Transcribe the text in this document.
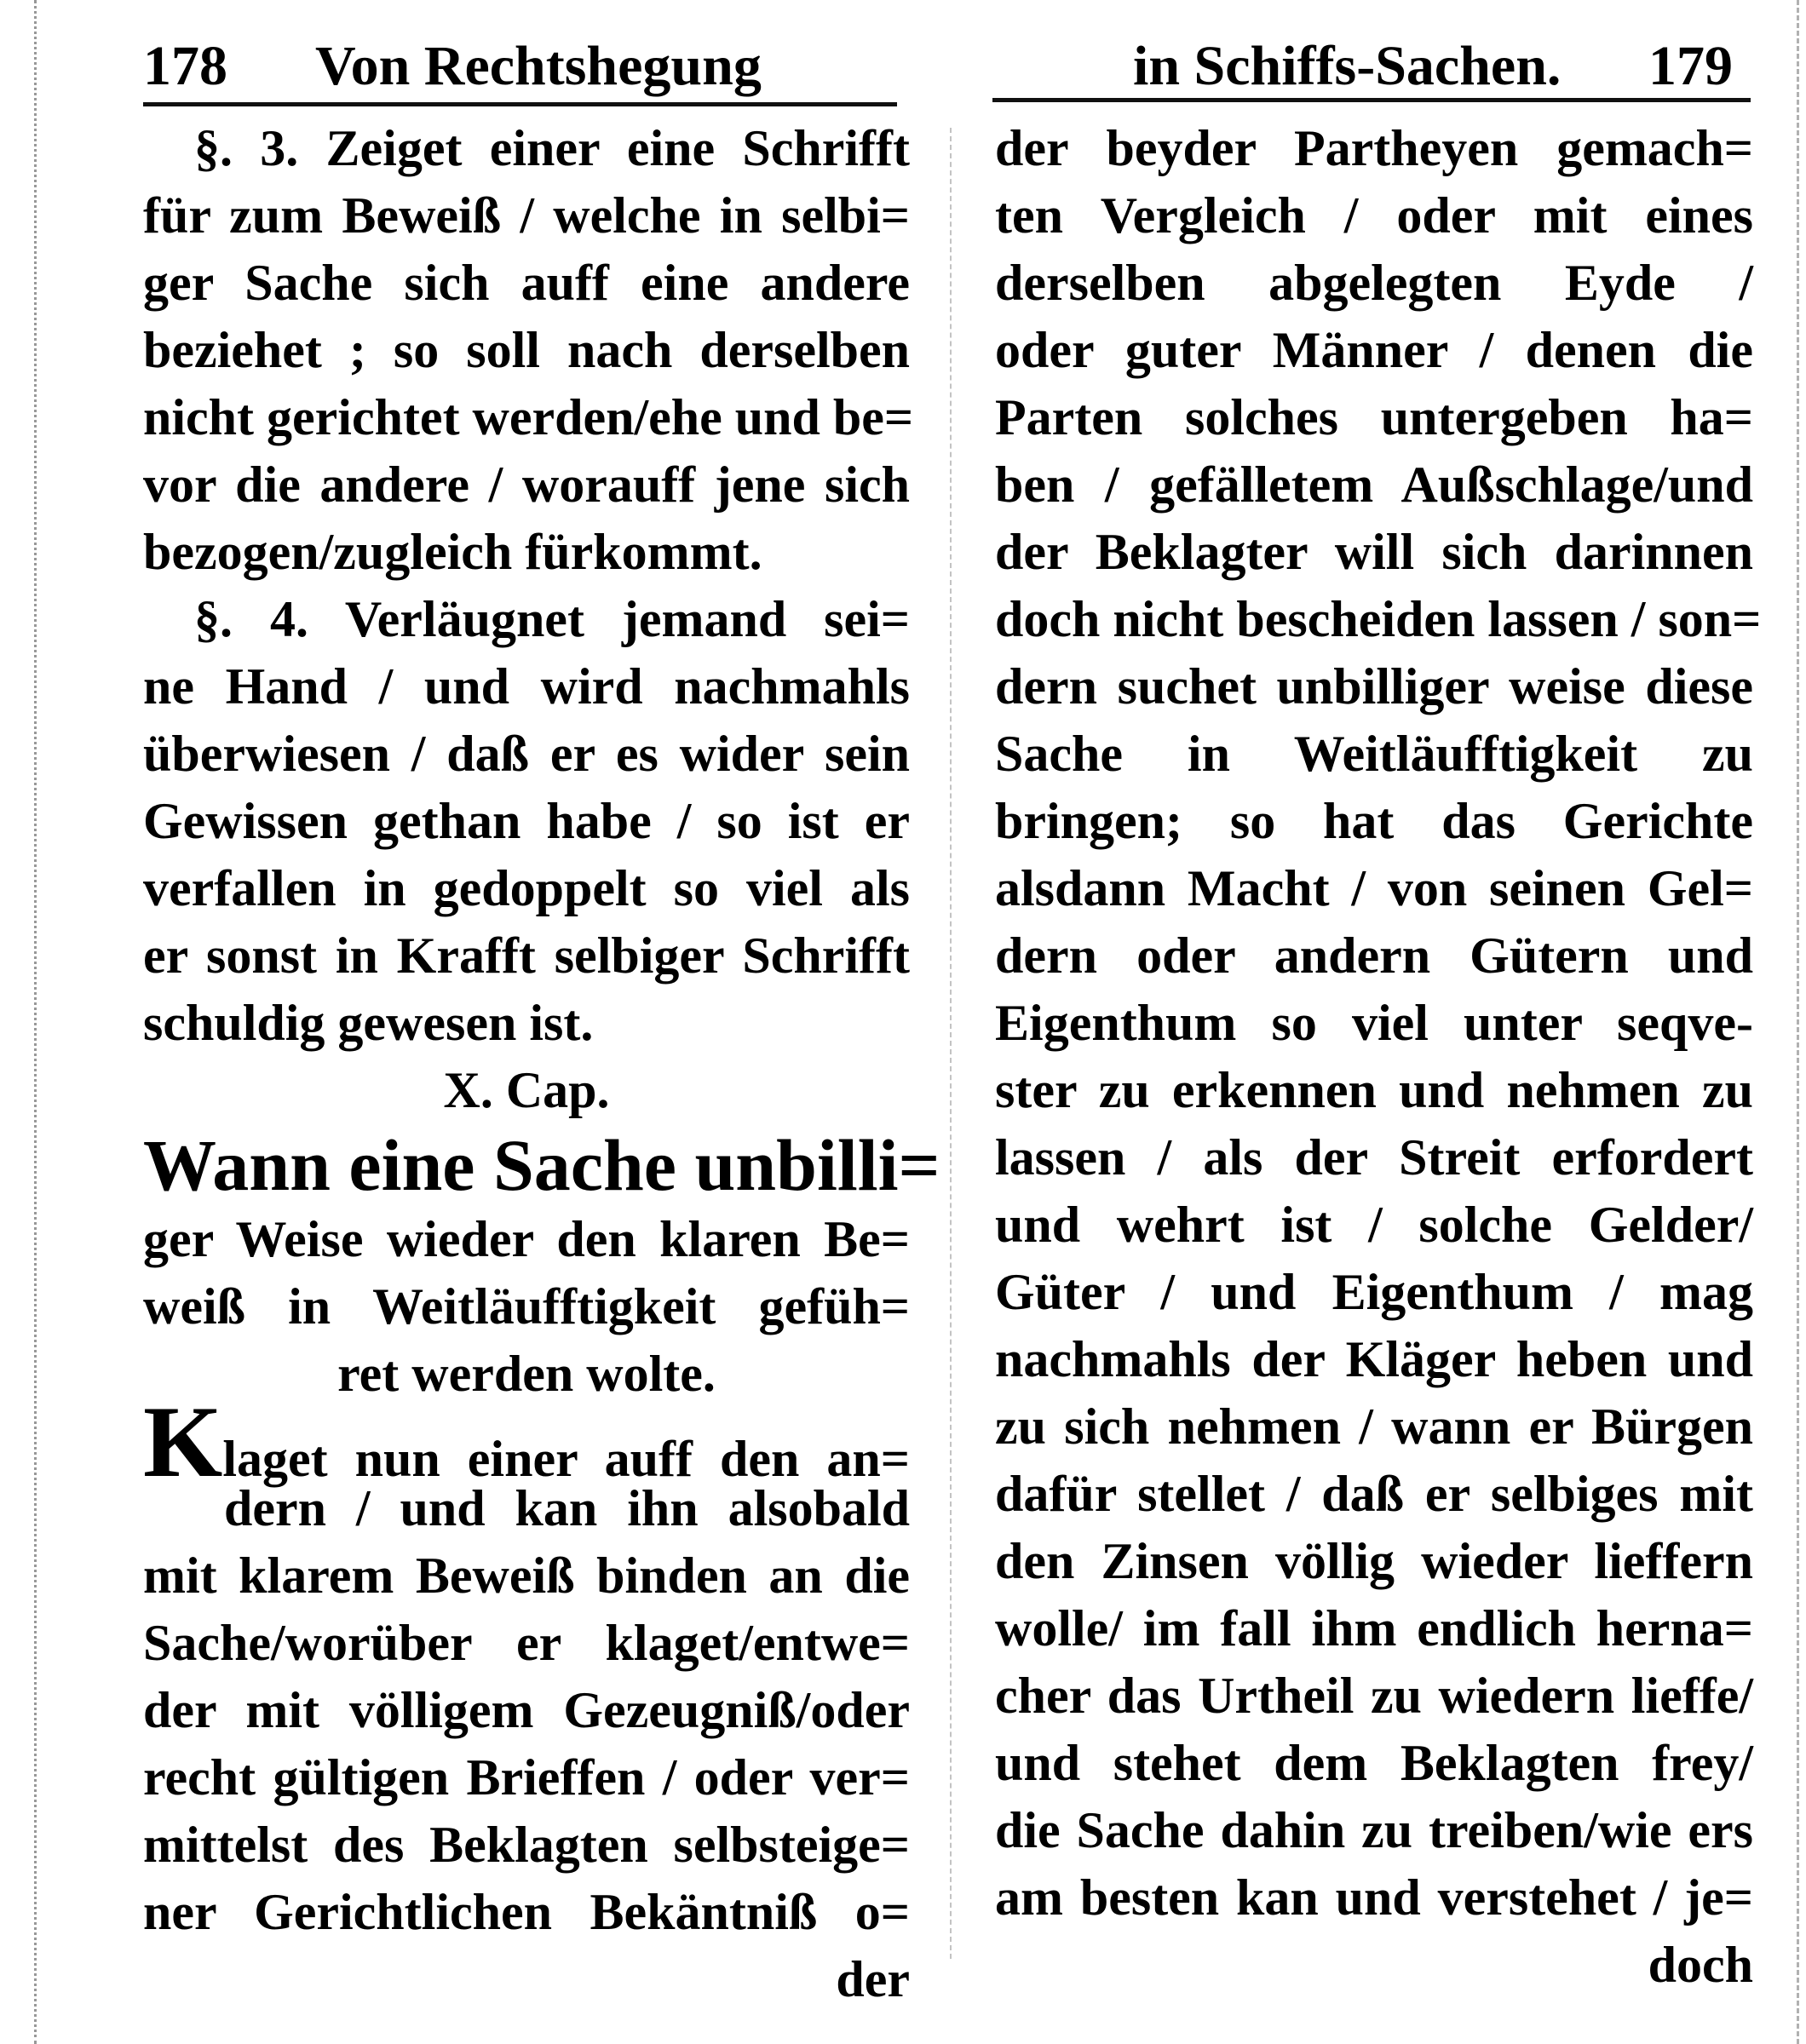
178 Von Rechtshegung	in Schiffs-Sachen. 179
§. 3. Zeiget einer eine Schrifft
für zum Beweiß / welche in selbi=
ger Sache sich auff eine andere
beziehet ; so soll nach derselben
nicht gerichtet werden/ehe und be=
vor die andere / worauff jene sich
bezogen/zugleich fürkommt.
§. 4. Verläugnet jemand sei=
ne Hand / und wird nachmahls
überwiesen / daß er es wider sein
Gewissen gethan habe / so ist er
verfallen in gedoppelt so viel als
er sonst in Krafft selbiger Schrifft
schuldig gewesen ist.
X. Cap.
Wann eine Sache unbilli=
ger Weise wieder den klaren Be=
weiß in Weitläufftigkeit gefüh=
ret werden wolte.
Klaget nun einer auff den an=
dern / und kan ihn alsobald
mit klarem Beweiß binden an die
Sache/worüber er klaget/entwe=
der mit völligem Gezeugniß/oder
recht gültigen Brieffen / oder ver=
mittelst des Beklagten selbsteige=
ner Gerichtlichen Bekäntniß o=
der
der beyder Partheyen gemach=
ten Vergleich / oder mit eines
derselben abgelegten Eyde /
oder guter Männer / denen die
Parten solches untergeben ha=
ben / gefälletem Außschlage/und
der Beklagter will sich darinnen
doch nicht bescheiden lassen / son=
dern suchet unbilliger weise diese
Sache in Weitläufftigkeit zu
bringen; so hat das Gerichte
alsdann Macht / von seinen Gel=
dern oder andern Gütern und
Eigenthum so viel unter seqve-
ster zu erkennen und nehmen zu
lassen / als der Streit erfordert
und wehrt ist / solche Gelder/
Güter / und Eigenthum / mag
nachmahls der Kläger heben und
zu sich nehmen / wann er Bürgen
dafür stellet / daß er selbiges mit
den Zinsen völlig wieder lieffern
wolle/ im fall ihm endlich herna=
cher das Urtheil zu wiedern lieffe/
und stehet dem Beklagten frey/
die Sache dahin zu treiben/wie ers
am besten kan und verstehet / je=
doch
